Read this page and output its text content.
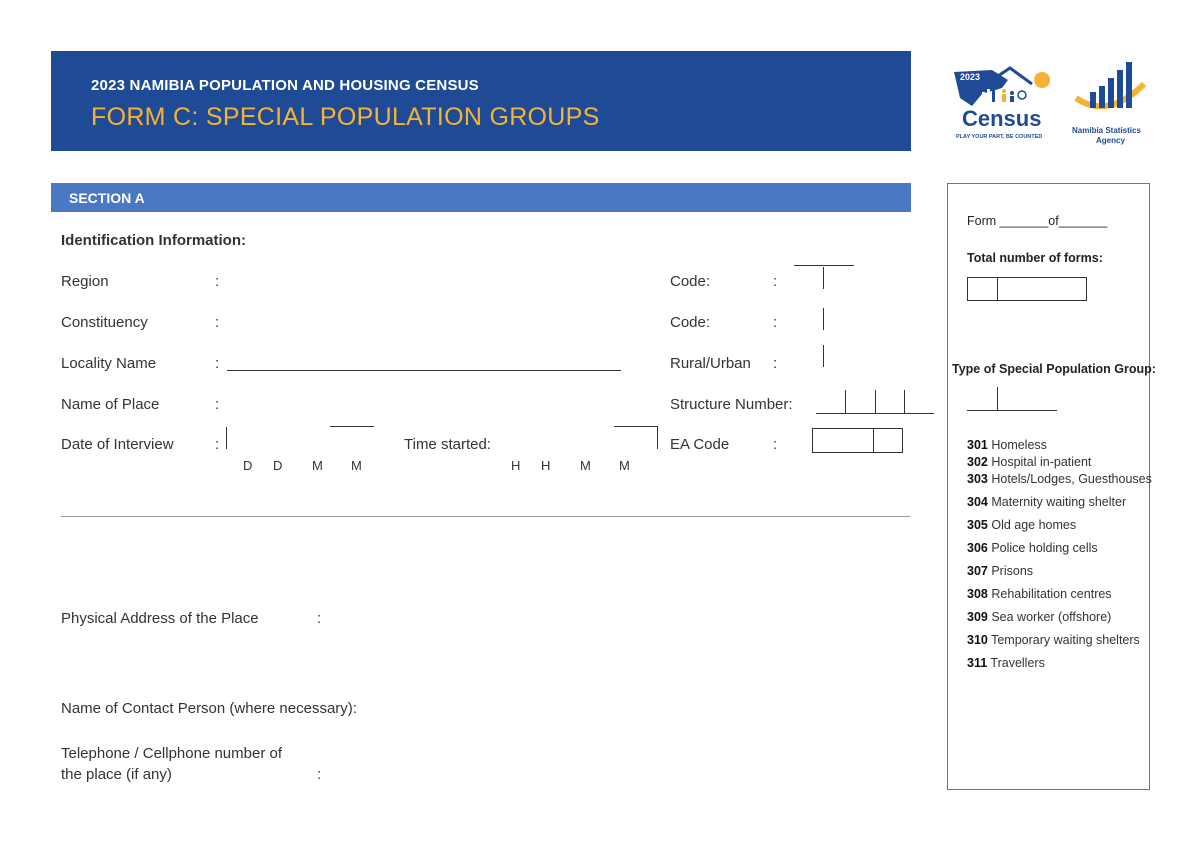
2023 NAMIBIA POPULATION AND HOUSING CENSUS
FORM C: SPECIAL POPULATION GROUPS
2023
Census
PLAY YOUR PART, BE COUNTED
Namibia Statistics
Agency
SECTION A
Identification Information:
Region	:	Code:	:
Constituency	:	Code:	:
Locality Name	:	Rural/Urban :
Name of Place	:	Structure Number:
Date of Interview	:
D D M M
Time started:
H H M M
EA Code	:
Physical Address of the Place	:
Name of Contact Person (where necessary):
Telephone / Cellphone number of
the place (if any)	:
Form _______of_______
Total number of forms:
Type of Special Population Group:
301 Homeless
302 Hospital in-patient
303 Hotels/Lodges, Guesthouses
304 Maternity waiting shelter
305 Old age homes
306 Police holding cells
307 Prisons
308 Rehabilitation centres
309 Sea worker (offshore)
310 Temporary waiting shelters
311 Travellers
